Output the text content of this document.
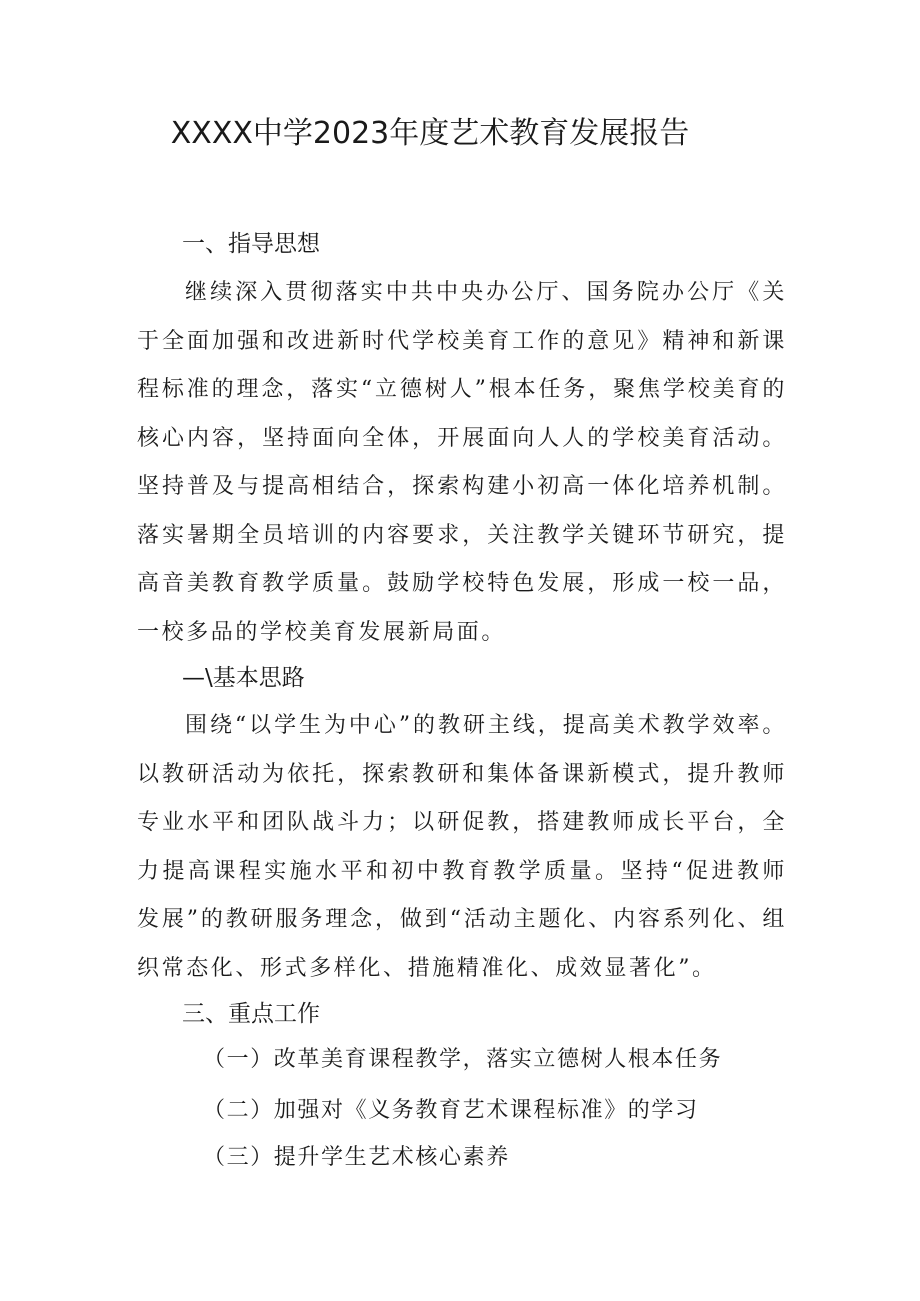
XXXX中学2023年度艺术教育发展报告
一、指导思想

继续深入贯彻落实中共中央办公厅、国务院办公厅《关于全面加强和改进新时代学校美育工作的意见》精神和新课程标准的理念，落实“立德树人”根本任务，聚焦学校美育的核心内容，坚持面向全体，开展面向人人的学校美育活动。坚持普及与提高相结合，探索构建小初高一体化培养机制。落实暑期全员培训的内容要求，关注教学关键环节研究，提高音美教育教学质量。鼓励学校特色发展，形成一校一品，一校多品的学校美育发展新局面。

—\基本思路

围绕“以学生为中心”的教研主线，提高美术教学效率。以教研活动为依托，探索教研和集体备课新模式，提升教师专业水平和团队战斗力；以研促教，搭建教师成长平台，全力提高课程实施水平和初中教育教学质量。坚持“促进教师发展”的教研服务理念，做到“活动主题化、内容系列化、组织常态化、形式多样化、措施精准化、成效显著化”。

三、重点工作

（一）改革美育课程教学，落实立德树人根本任务

（二）加强对《义务教育艺术课程标准》的学习

（三）提升学生艺术核心素养
